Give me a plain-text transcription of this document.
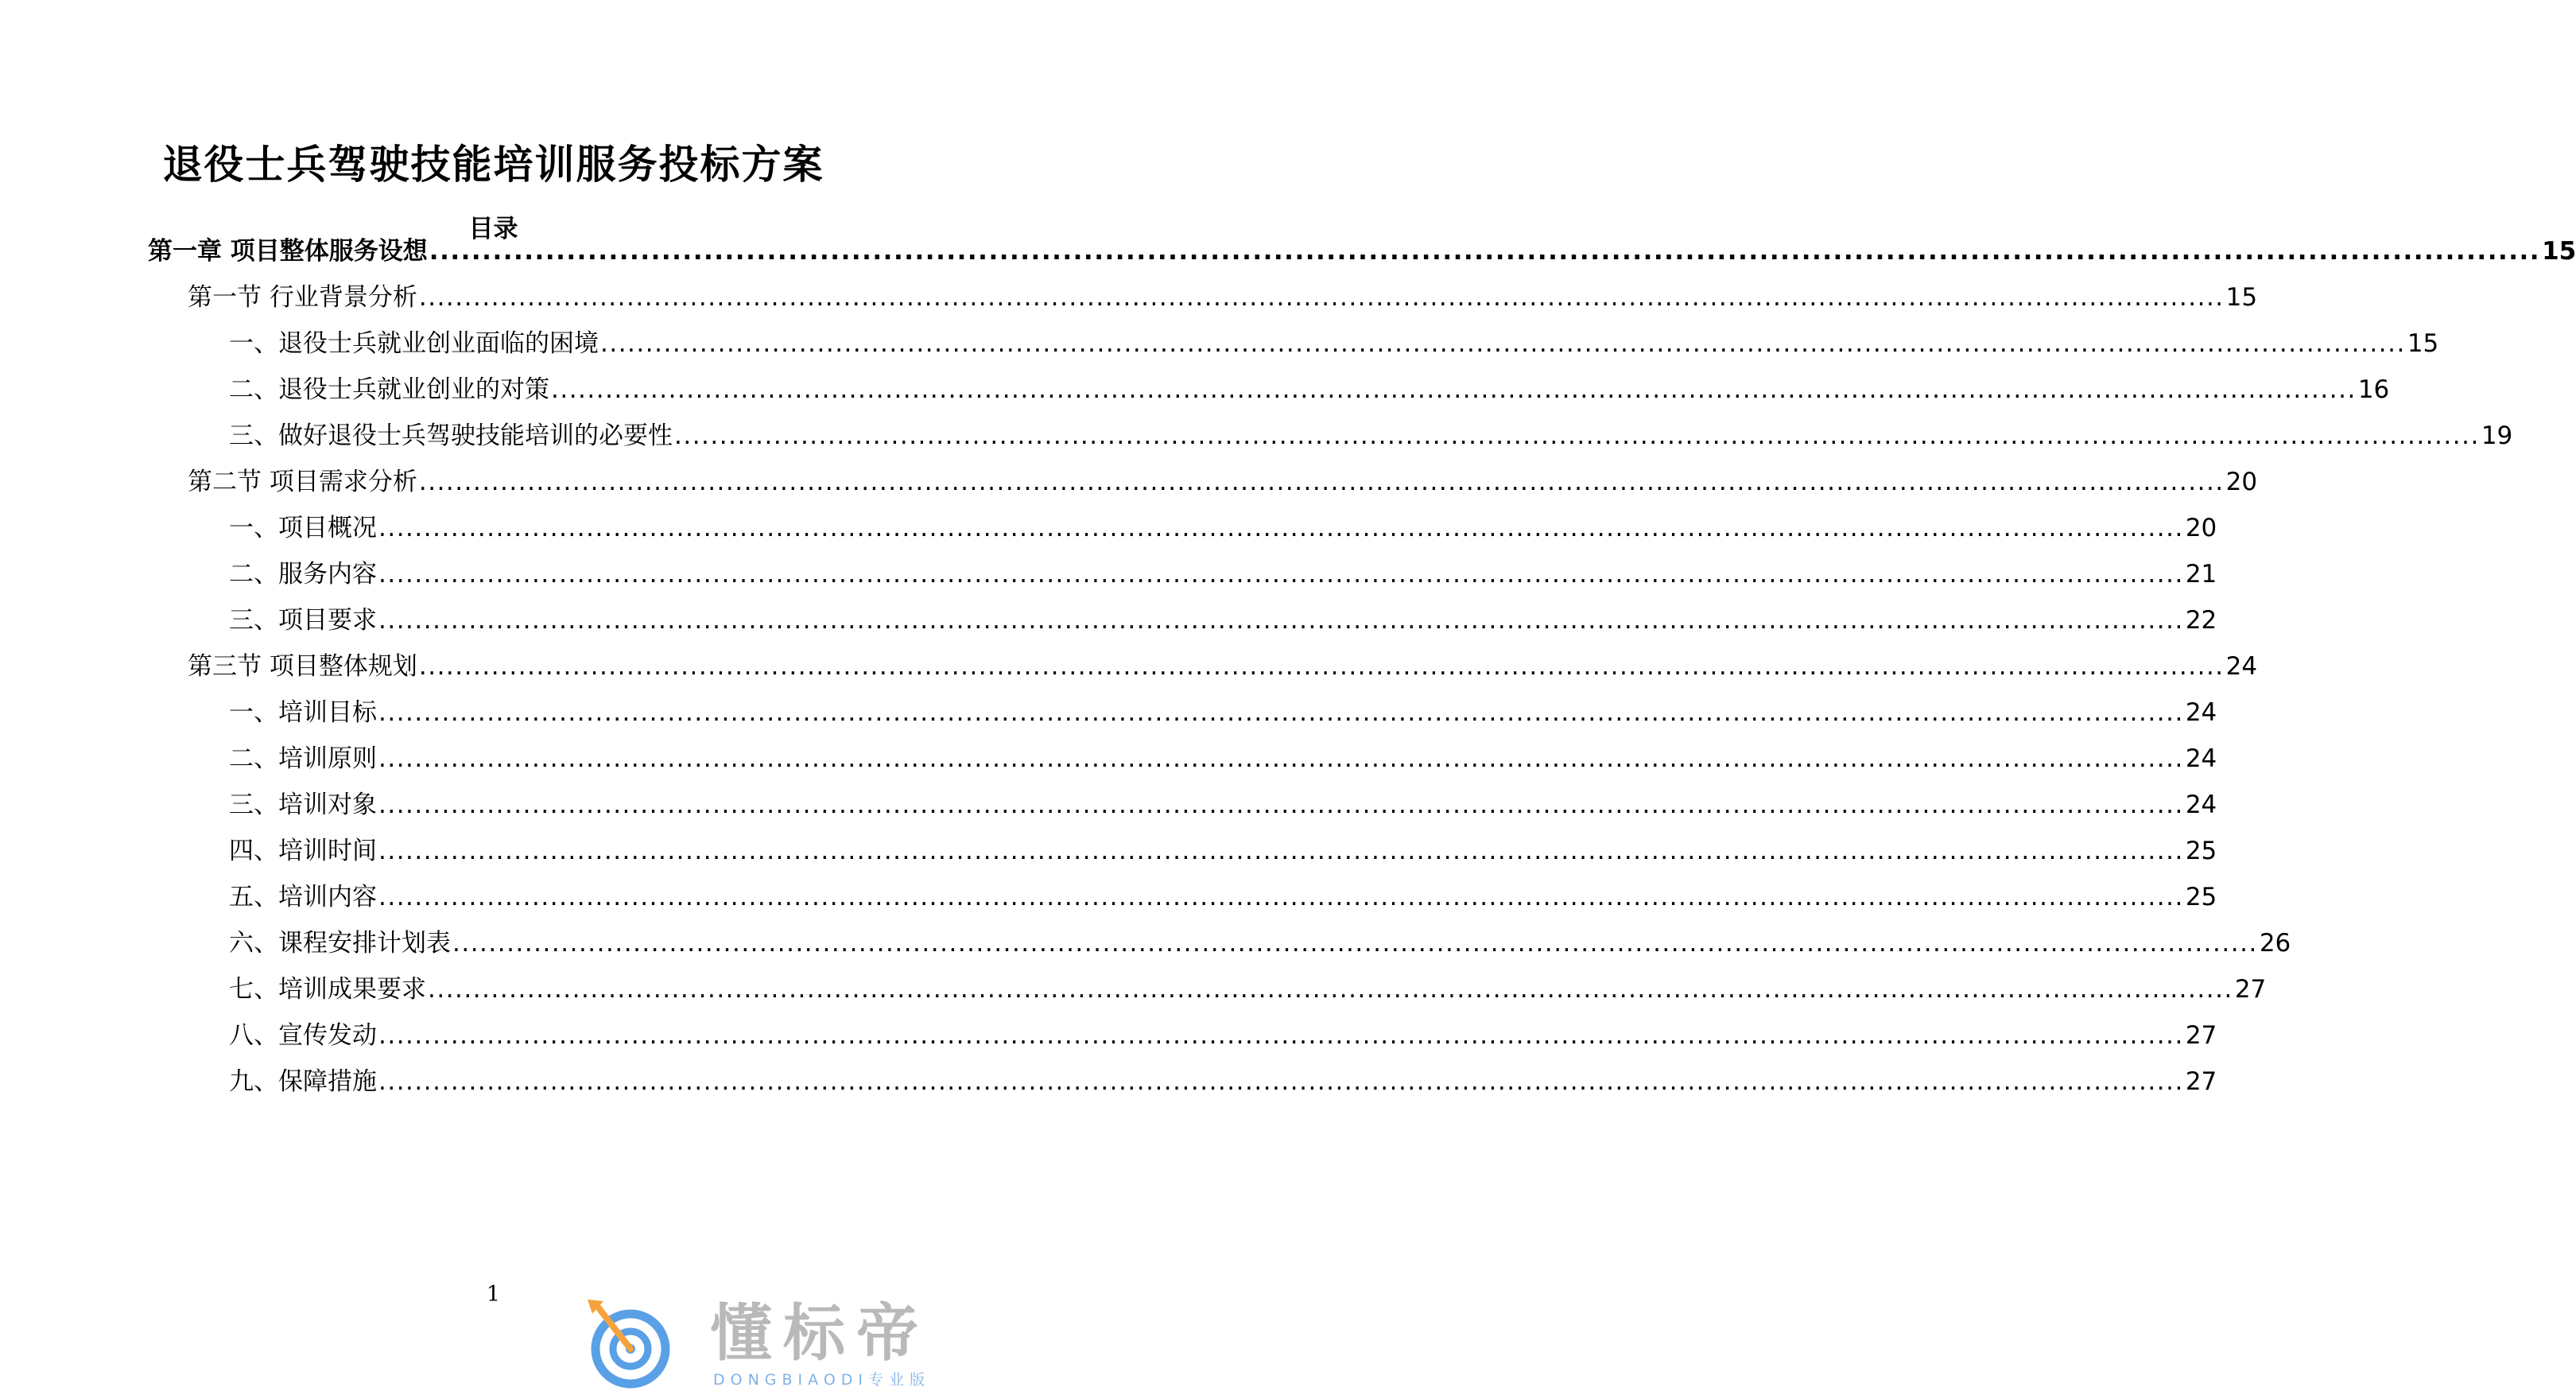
退役士兵驾驶技能培训服务投标方案
目录
第一章 项目整体服务设想 ........................................................................................................................................................................................................ 15
第一节 行业背景分析 ........................................................................................................................................................................................................ 15
一、退役士兵就业创业面临的困境 ........................................................................................................................................................................................................ 15
二、退役士兵就业创业的对策 ........................................................................................................................................................................................................ 16
三、做好退役士兵驾驶技能培训的必要性 ........................................................................................................................................................................................................ 19
第二节 项目需求分析 ........................................................................................................................................................................................................ 20
一、项目概况 ........................................................................................................................................................................................................ 20
二、服务内容 ........................................................................................................................................................................................................ 21
三、项目要求 ........................................................................................................................................................................................................ 22
第三节 项目整体规划 ........................................................................................................................................................................................................ 24
一、培训目标 ........................................................................................................................................................................................................ 24
二、培训原则 ........................................................................................................................................................................................................ 24
三、培训对象 ........................................................................................................................................................................................................ 24
四、培训时间 ........................................................................................................................................................................................................ 25
五、培训内容 ........................................................................................................................................................................................................ 25
六、课程安排计划表 ........................................................................................................................................................................................................ 26
七、培训成果要求 ........................................................................................................................................................................................................ 27
八、宣传发动 ........................................................................................................................................................................................................ 27
九、保障措施 ........................................................................................................................................................................................................ 27
1
懂标帝
DONGBIAODI专业版
